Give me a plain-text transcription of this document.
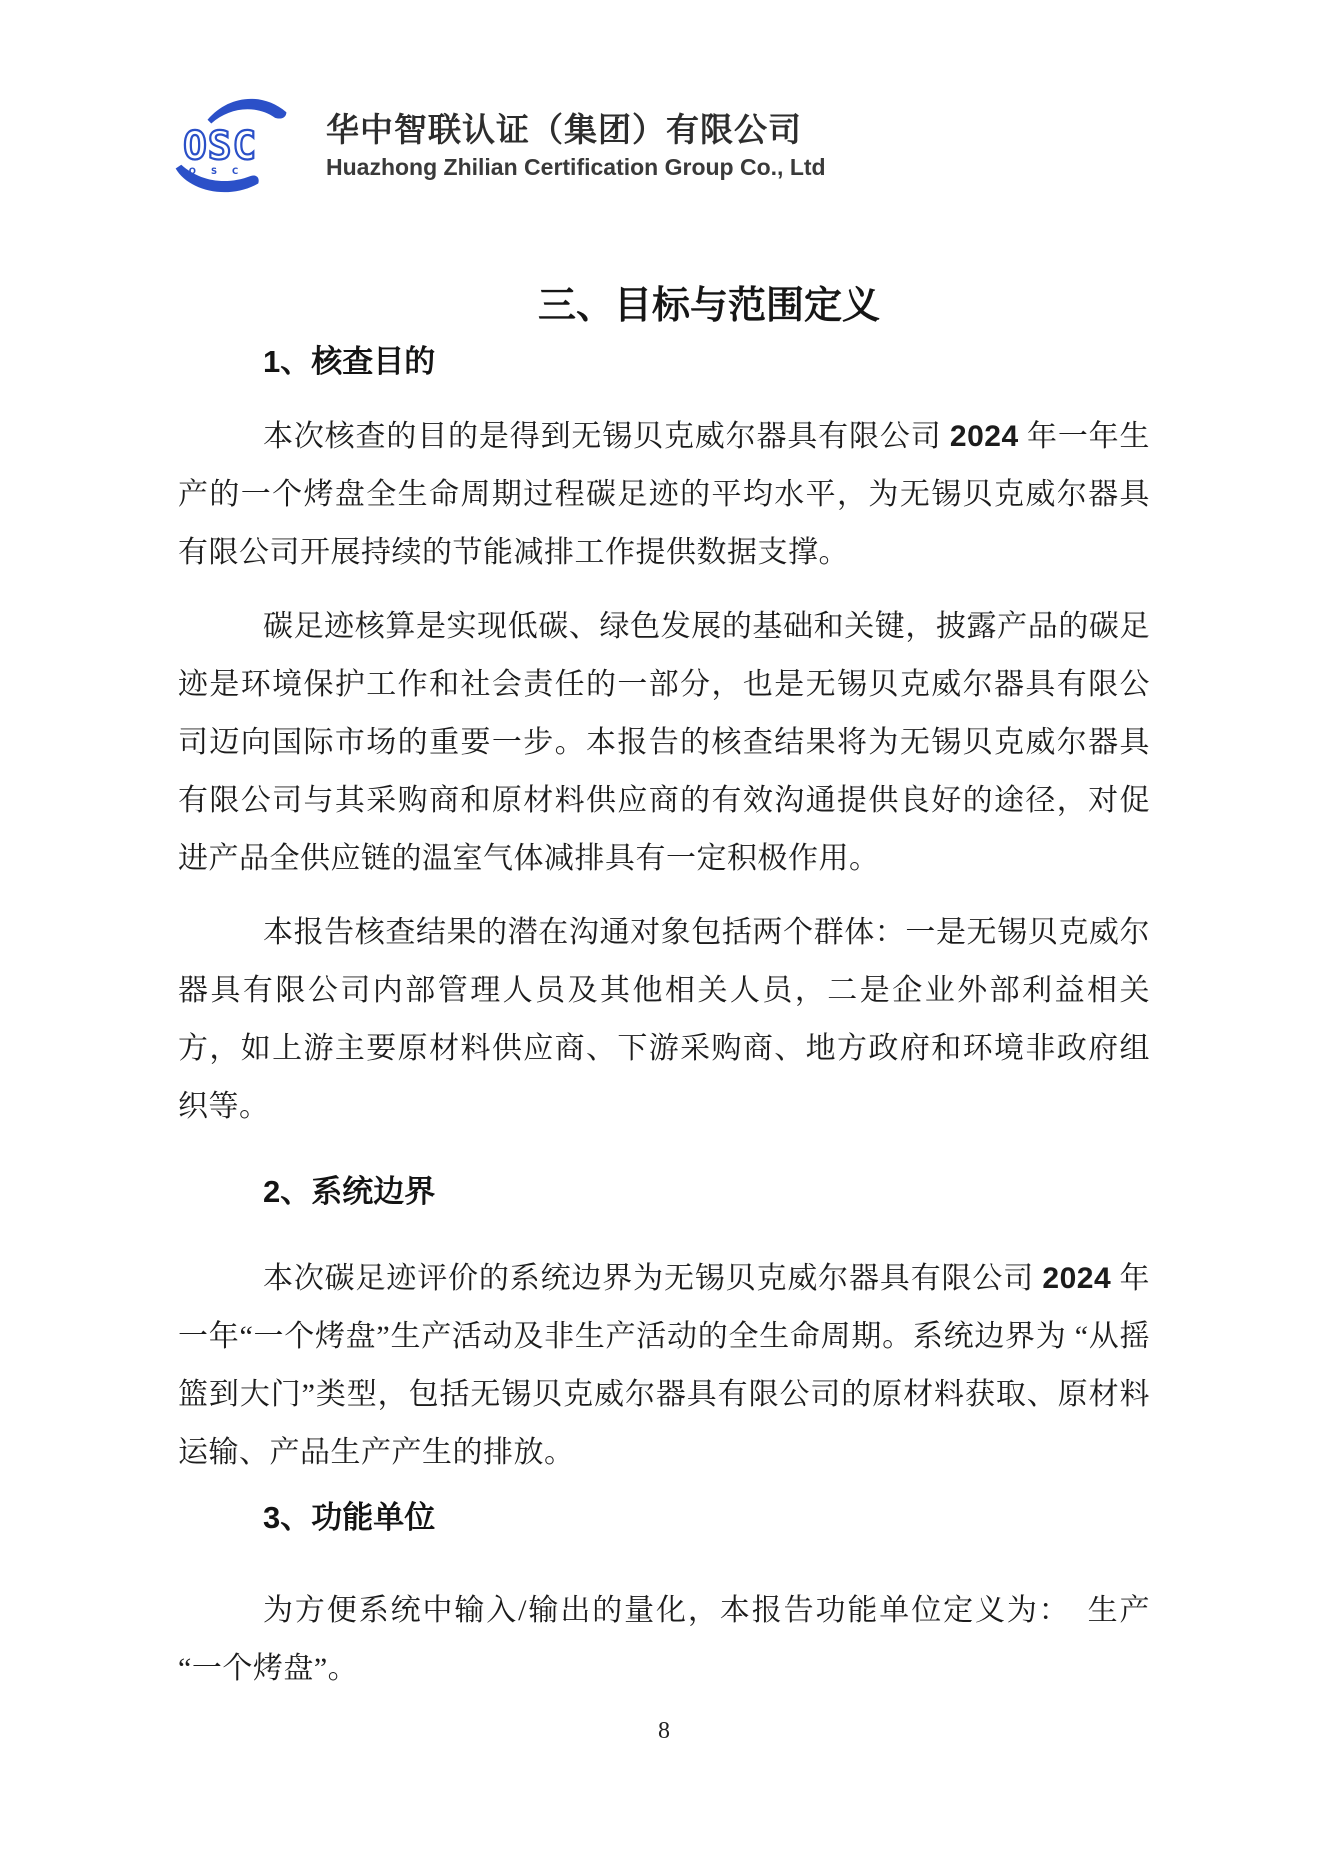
OSC
OSC
华中智联认证（集团）有限公司
Huazhong Zhilian Certification Group Co., Ltd
三、目标与范围定义
1、核查目的

本次核查的目的是得到无锡贝克威尔器具有限公司 2024 年一年生产的一个烤盘全生命周期过程碳足迹的平均水平，为无锡贝克威尔器具有限公司开展持续的节能减排工作提供数据支撑。

碳足迹核算是实现低碳、绿色发展的基础和关键，披露产品的碳足迹是环境保护工作和社会责任的一部分，也是无锡贝克威尔器具有限公司迈向国际市场的重要一步。本报告的核查结果将为无锡贝克威尔器具有限公司与其采购商和原材料供应商的有效沟通提供良好的途径，对促进产品全供应链的温室气体减排具有一定积极作用。

本报告核查结果的潜在沟通对象包括两个群体：一是无锡贝克威尔器具有限公司内部管理人员及其他相关人员，二是企业外部利益相关方，如上游主要原材料供应商、下游采购商、地方政府和环境非政府组织等。

2、系统边界

本次碳足迹评价的系统边界为无锡贝克威尔器具有限公司 2024 年一年“一个烤盘”生产活动及非生产活动的全生命周期。系统边界为 “从摇篮到大门”类型，包括无锡贝克威尔器具有限公司的原材料获取、原材料运输、产品生产产生的排放。

3、功能单位

为方便系统中输入/输出的量化，本报告功能单位定义为：　生产“一个烤盘”。

8
